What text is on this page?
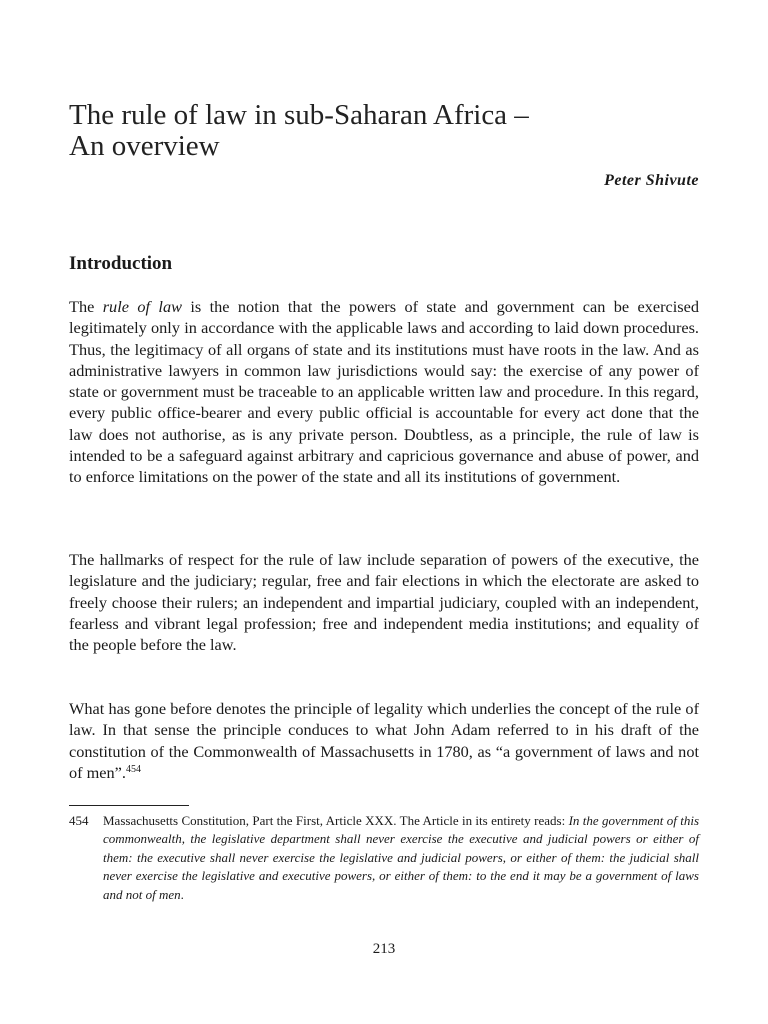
The rule of law in sub-Saharan Africa –
An overview

Peter Shivute

Introduction

The rule of law is the notion that the powers of state and government can be exercised legitimately only in accordance with the applicable laws and according to laid down procedures. Thus, the legitimacy of all organs of state and its institutions must have roots in the law. And as administrative lawyers in common law jurisdictions would say: the exercise of any power of state or government must be traceable to an applicable written law and procedure. In this regard, every public office-bearer and every public official is accountable for every act done that the law does not authorise, as is any private person. Doubtless, as a principle, the rule of law is intended to be a safeguard against arbitrary and capricious governance and abuse of power, and to enforce limitations on the power of the state and all its institutions of government.

The hallmarks of respect for the rule of law include separation of powers of the executive, the legislature and the judiciary; regular, free and fair elections in which the electorate are asked to freely choose their rulers; an independent and impartial judiciary, coupled with an independent, fearless and vibrant legal profession; free and independent media institutions; and equality of the people before the law.

What has gone before denotes the principle of legality which underlies the concept of the rule of law. In that sense the principle conduces to what John Adam referred to in his draft of the constitution of the Commonwealth of Massachusetts in 1780, as “a government of laws and not of men”.$^{454}$

454 Massachusetts Constitution, Part the First, Article XXX. The Article in its entirety reads: In the government of this commonwealth, the legislative department shall never exercise the executive and judicial powers or either of them: the executive shall never exercise the legislative and judicial powers, or either of them: the judicial shall never exercise the legislative and executive powers, or either of them: to the end it may be a government of laws and not of men.
213
